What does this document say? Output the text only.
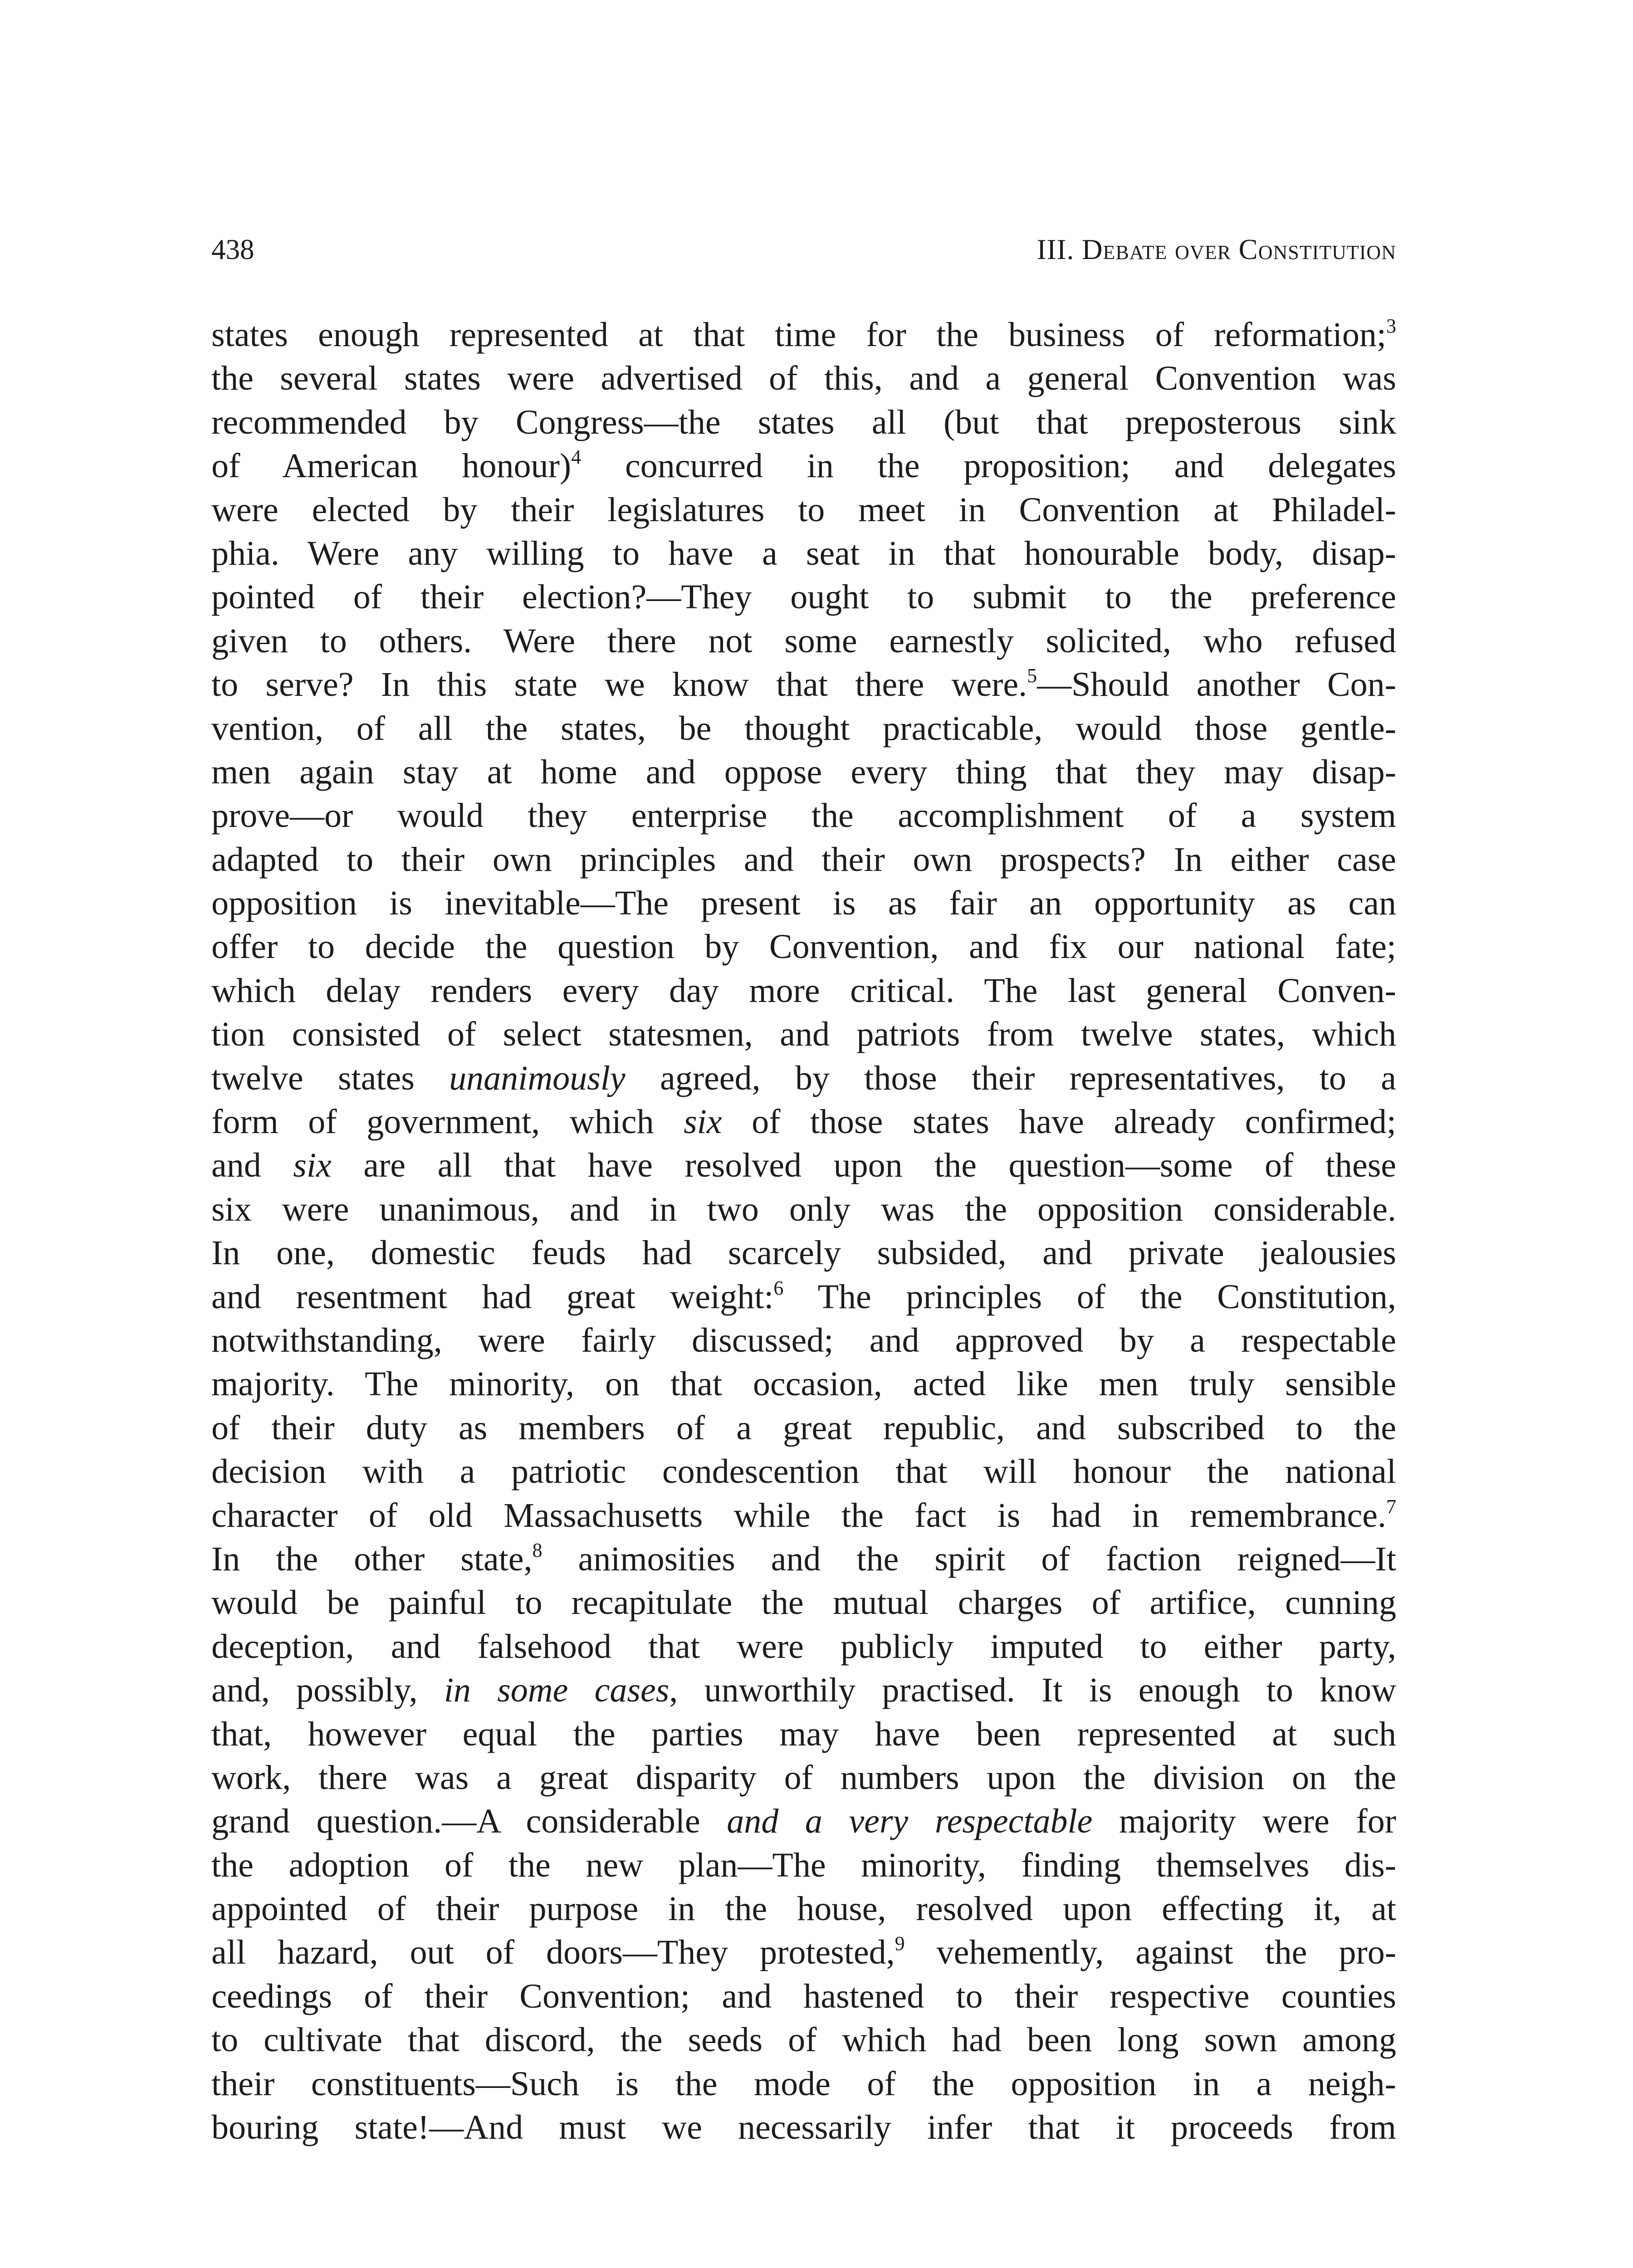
438	III. Debate over Constitution
states enough represented at that time for the business of reformation;$^3$
the several states were advertised of this, and a general Convention was
recommended by Congress—the states all (but that preposterous sink
of American honour)$^4$ concurred in the proposition; and delegates
were elected by their legislatures to meet in Convention at Philadel-
phia. Were any willing to have a seat in that honourable body, disap-
pointed of their election?—They ought to submit to the preference
given to others. Were there not some earnestly solicited, who refused
to serve? In this state we know that there were.$^5$—Should another Con-
vention, of all the states, be thought practicable, would those gentle-
men again stay at home and oppose every thing that they may disap-
prove—or would they enterprise the accomplishment of a system
adapted to their own principles and their own prospects? In either case
opposition is inevitable—The present is as fair an opportunity as can
offer to decide the question by Convention, and fix our national fate;
which delay renders every day more critical. The last general Conven-
tion consisted of select statesmen, and patriots from twelve states, which
twelve states unanimously agreed, by those their representatives, to a
form of government, which six of those states have already confirmed;
and six are all that have resolved upon the question—some of these
six were unanimous, and in two only was the opposition considerable.
In one, domestic feuds had scarcely subsided, and private jealousies
and resentment had great weight:$^6$ The principles of the Constitution,
notwithstanding, were fairly discussed; and approved by a respectable
majority. The minority, on that occasion, acted like men truly sensible
of their duty as members of a great republic, and subscribed to the
decision with a patriotic condescention that will honour the national
character of old Massachusetts while the fact is had in remembrance.$^7$
In the other state,$^8$ animosities and the spirit of faction reigned—It
would be painful to recapitulate the mutual charges of artifice, cunning
deception, and falsehood that were publicly imputed to either party,
and, possibly, in some cases, unworthily practised. It is enough to know
that, however equal the parties may have been represented at such
work, there was a great disparity of numbers upon the division on the
grand question.—A considerable and a very respectable majority were for
the adoption of the new plan—The minority, finding themselves dis-
appointed of their purpose in the house, resolved upon effecting it, at
all hazard, out of doors—They protested,$^9$ vehemently, against the pro-
ceedings of their Convention; and hastened to their respective counties
to cultivate that discord, the seeds of which had been long sown among
their constituents—Such is the mode of the opposition in a neigh-
bouring state!—And must we necessarily infer that it proceeds from
